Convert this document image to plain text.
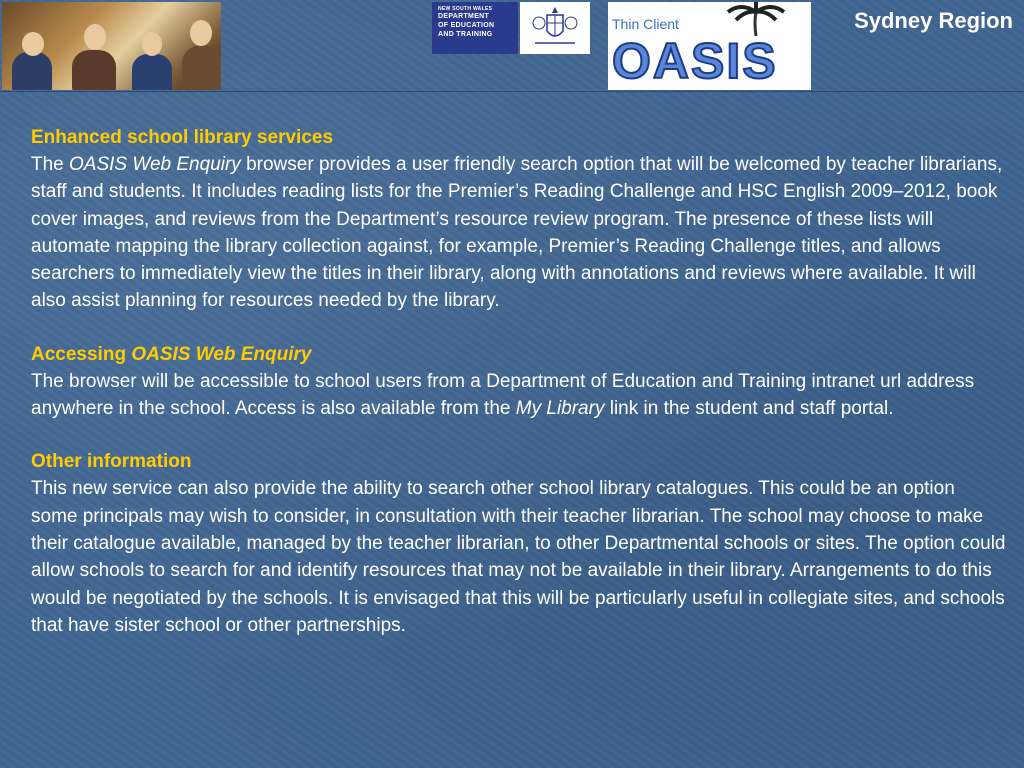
NEW SOUTH WALES
DEPARTMENT
OF EDUCATION
AND TRAINING
Thin Client
OASIS
Sydney Region

Enhanced school library services

The OASIS Web Enquiry browser provides a user friendly search option that will be welcomed by teacher librarians, staff and students. It includes reading lists for the Premier’s Reading Challenge and HSC English 2009–2012, book cover images, and reviews from the Department’s resource review program. The presence of these lists will automate mapping the library collection against, for example, Premier’s Reading Challenge titles, and allows searchers to immediately view the titles in their library, along with annotations and reviews where available. It will also assist planning for resources needed by the library.

Accessing OASIS Web Enquiry

The browser will be accessible to school users from a Department of Education and Training intranet url address anywhere in the school. Access is also available from the My Library link in the student and staff portal.

Other information

This new service can also provide the ability to search other school library catalogues. This could be an option some principals may wish to consider, in consultation with their teacher librarian. The school may choose to make their catalogue available, managed by the teacher librarian, to other Departmental schools or sites. The option could allow schools to search for and identify resources that may not be available in their library. Arrangements to do this would be negotiated by the schools. It is envisaged that this will be particularly useful in collegiate sites, and schools that have sister school or other partnerships.
